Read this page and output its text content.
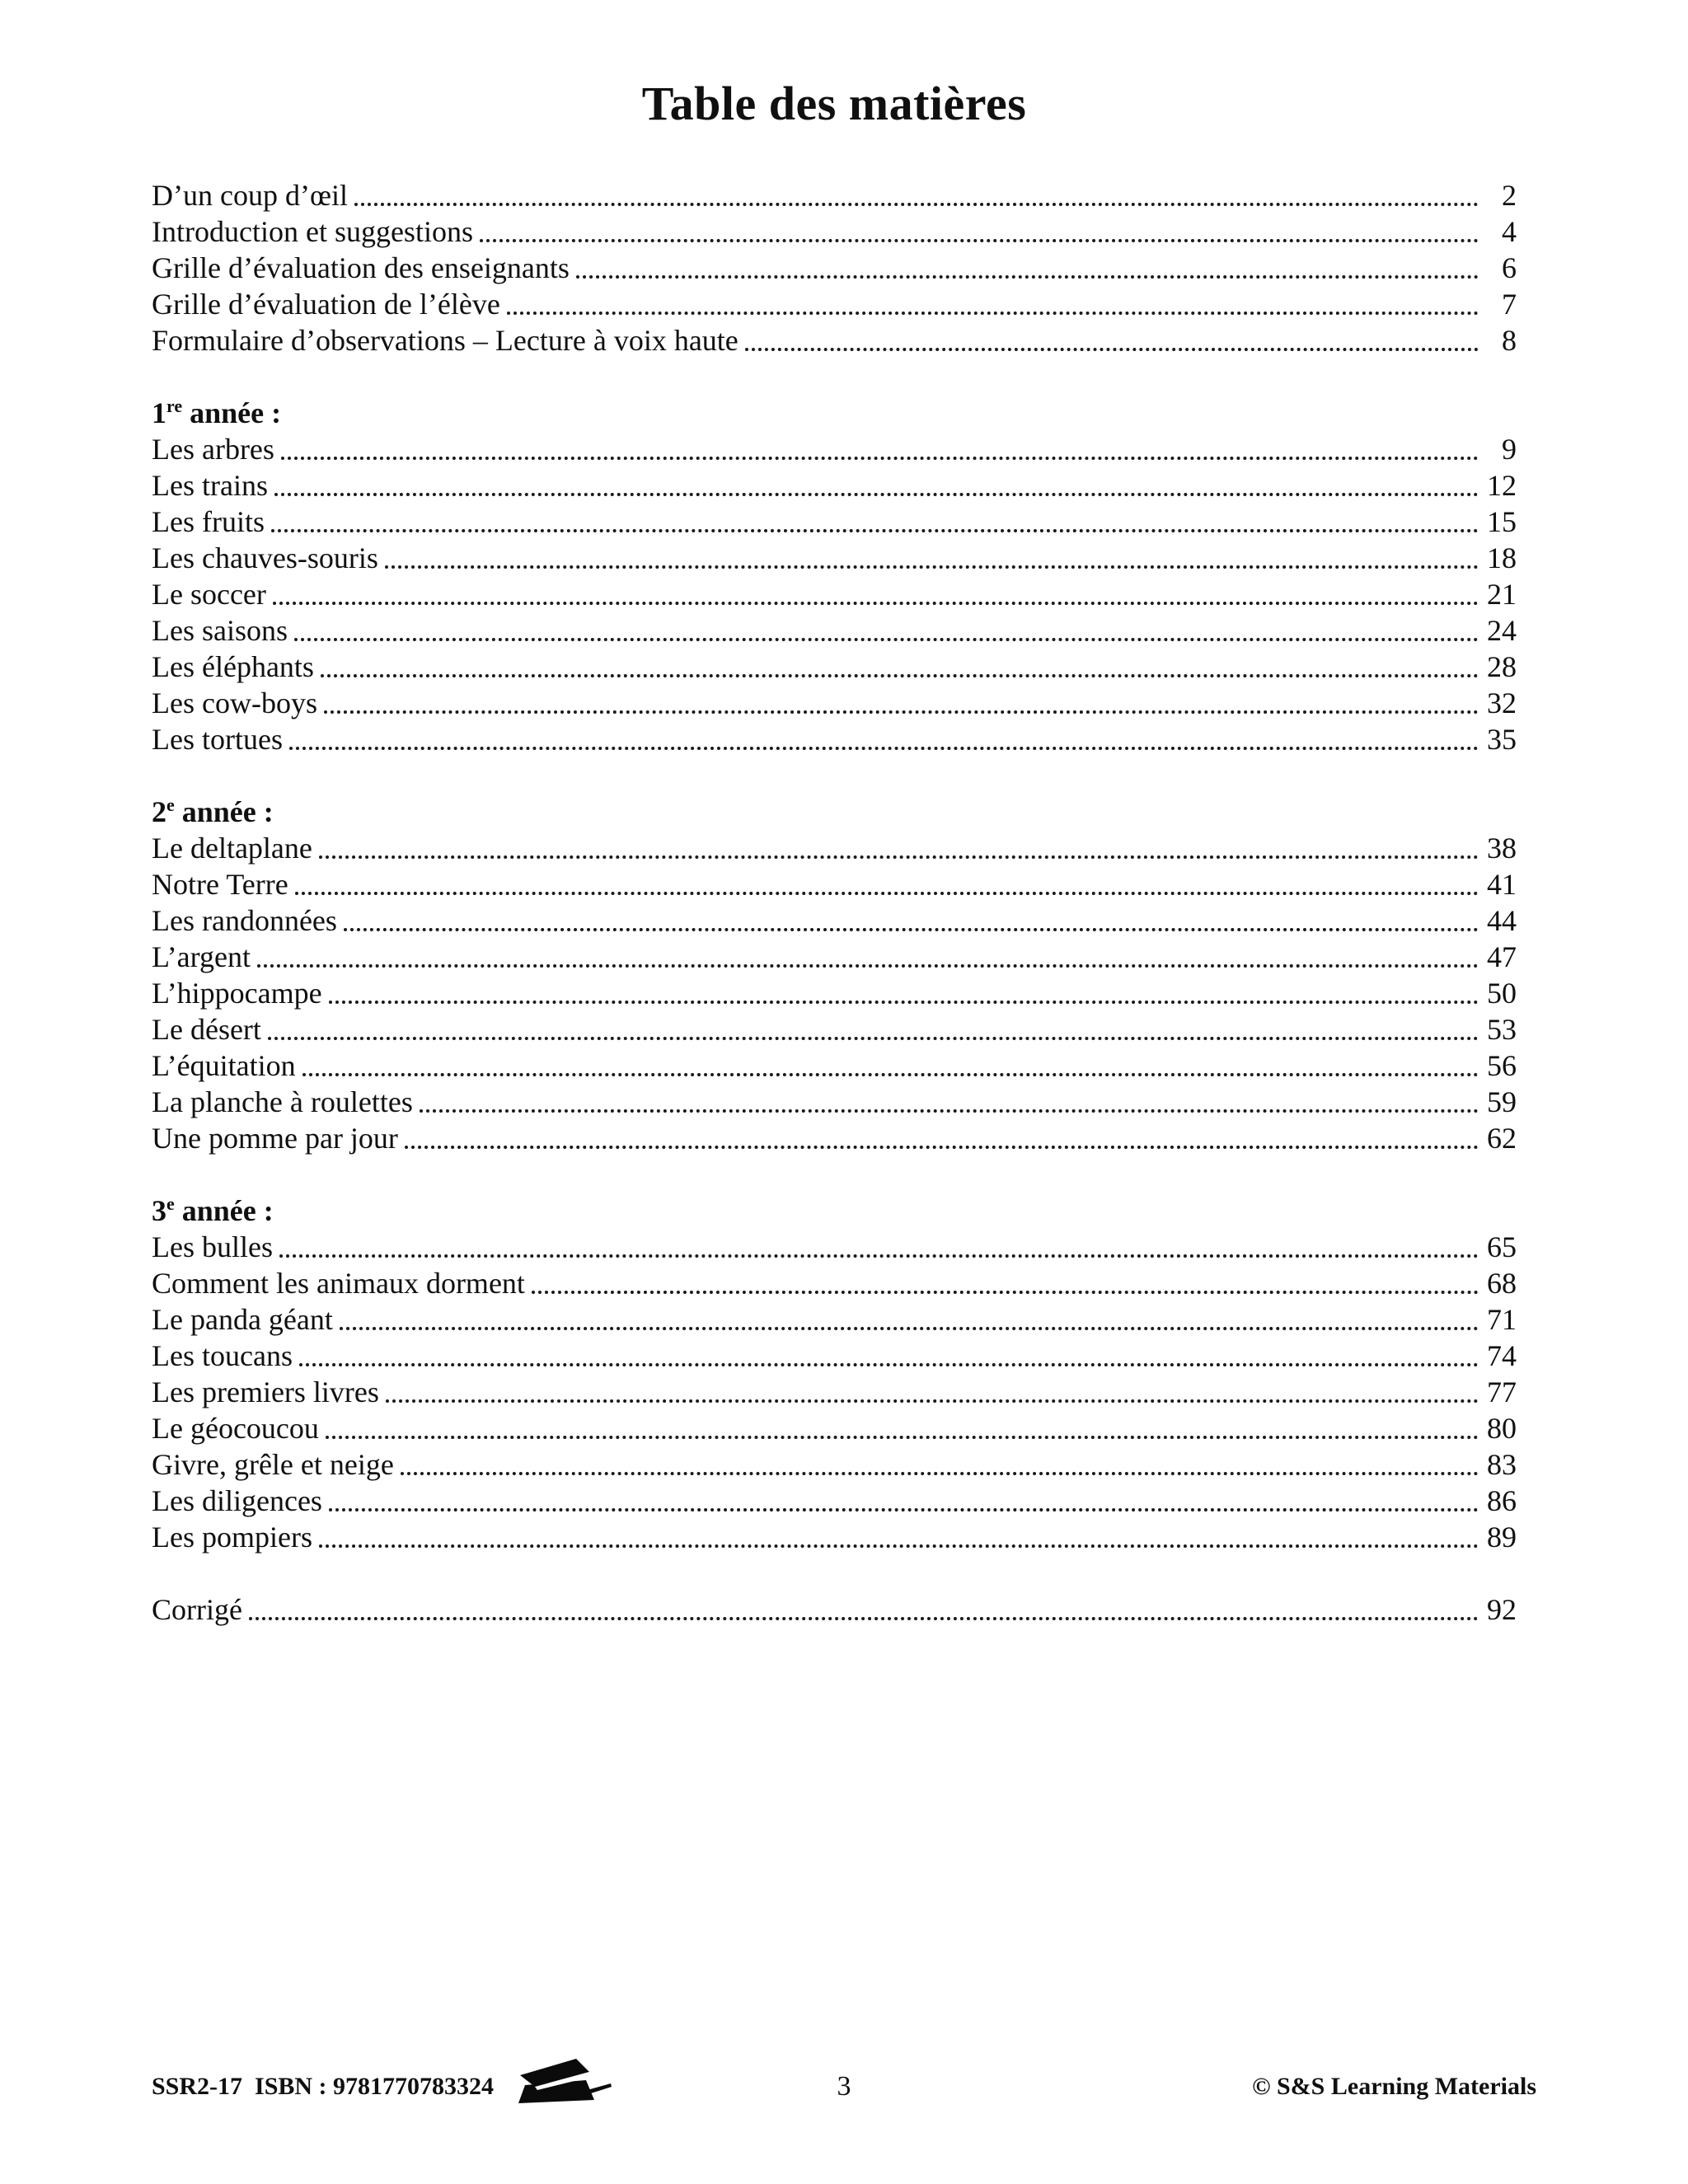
Table des matières
D’un coup d’œil	2
Introduction et suggestions	4
Grille d’évaluation des enseignants	6
Grille d’évaluation de l’élève	7
Formulaire d’observations – Lecture à voix haute	8
1re année :
Les arbres	9
Les trains	12
Les fruits	15
Les chauves-souris	18
Le soccer	21
Les saisons	24
Les éléphants	28
Les cow-boys	32
Les tortues	35
2e année :
Le deltaplane	38
Notre Terre	41
Les randonnées	44
L’argent	47
L’hippocampe	50
Le désert	53
L’équitation	56
La planche à roulettes	59
Une pomme par jour	62
3e année :
Les bulles	65
Comment les animaux dorment	68
Le panda géant	71
Les toucans	74
Les premiers livres	77
Le géocoucou	80
Givre, grêle et neige	83
Les diligences	86
Les pompiers	89
Corrigé	92
SSR2-17  ISBN : 9781770783324	3	© S&S Learning Materials
